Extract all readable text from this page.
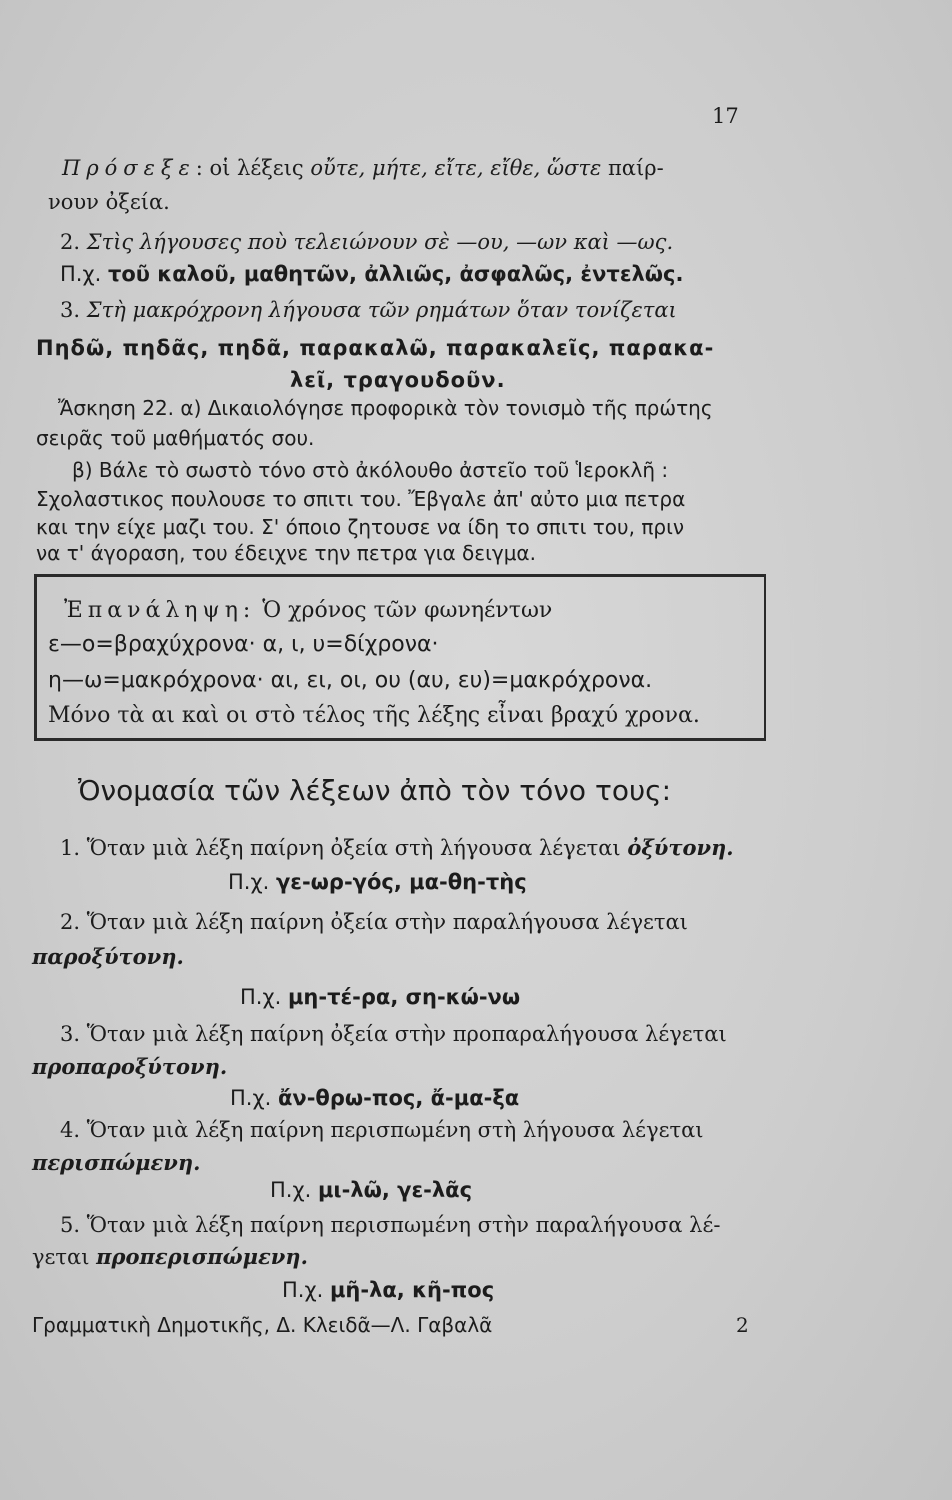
17
Πρόσεξε: οἱ λέξεις οὔτε, μήτε, εἴτε, εἴθε, ὥστε παίρ-
νουν ὀξεία.
2. Στὶς λήγουσες ποὺ τελειώνουν σὲ —ου, —ων καὶ —ως.
Π.χ. τοῦ καλοῦ, μαθητῶν, ἀλλιῶς, ἀσφαλῶς, ἐντελῶς.
3. Στὴ μακρόχρονη λήγουσα τῶν ρημάτων ὅταν τονίζεται
Πηδῶ, πηδᾶς, πηδᾶ, παρακαλῶ, παρακαλεῖς, παρακα-
λεῖ, τραγουδοῦν.
Ἄσκηση 22. α) Δικαιολόγησε προφορικὰ τὸν τονισμὸ τῆς πρώτης
σειρᾶς τοῦ μαθήματός σου.
β) Βάλε τὸ σωστὸ τόνο στὸ ἀκόλουθο ἀστεῖο τοῦ Ἱεροκλῆ :
Σχολαστικος πουλουσε το σπιτι του. Ἔβγαλε ἀπ' αὐτο μια πετρα
και την είχε μαζι του. Σ' όποιο ζητουσε να ίδη το σπιτι του, πριν
να τ' άγοραση, του έδειχνε την πετρα για δειγμα.
Ἐπανάληψη: Ὁ χρόνος τῶν φωνηέντων
ε—ο=βραχύχρονα· α, ι, υ=δίχρονα·
η—ω=μακρόχρονα· αι, ει, οι, ου (αυ, ευ)=μακρόχρονα.
Μόνο τὰ αι καὶ οι στὸ τέλος τῆς λέξης εἶναι βραχύ χρονα.
Ὀνομασία τῶν λέξεων ἀπὸ τὸν τόνο τους:
1. Ὅταν μιὰ λέξη παίρνη ὀξεία στὴ λήγουσα λέγεται ὀξύτονη.
Π.χ. γε-ωρ-γός, μα-θη-τὴς
2. Ὅταν μιὰ λέξη παίρνη ὀξεία στὴν παραλήγουσα λέγεται
παροξύτονη.
Π.χ. μη-τέ-ρα, ση-κώ-νω
3. Ὅταν μιὰ λέξη παίρνη ὀξεία στὴν προπαραλήγουσα λέγεται
προπαροξύτονη.
Π.χ. ἄν-θρω-πος, ἄ-μα-ξα
4. Ὅταν μιὰ λέξη παίρνη περισπωμένη στὴ λήγουσα λέγεται
περισπώμενη.
Π.χ. μι-λῶ, γε-λᾶς
5. Ὅταν μιὰ λέξη παίρνη περισπωμένη στὴν παραλήγουσα λέ-
γεται προπερισπώμενη.
Π.χ. μῆ-λα, κῆ-πος
Γραμματικὴ Δημοτικῆς, Δ. Κλειδᾶ—Λ. Γαβαλᾶ	2
